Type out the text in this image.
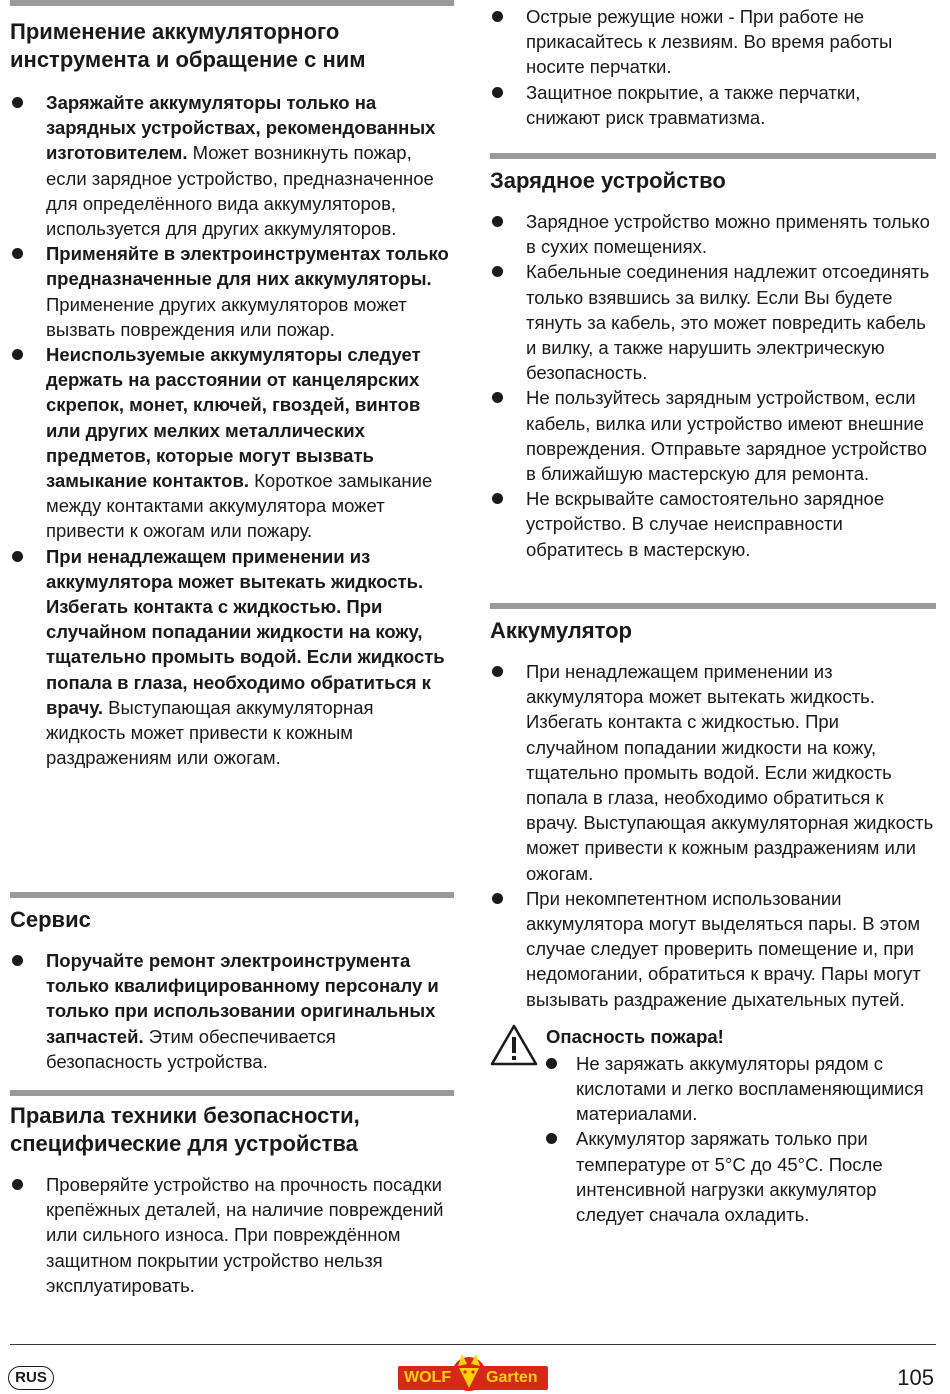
Применение аккумуляторного
инструмента и обращение с ним
Заряжайте аккумуляторы только на зарядных устройствах, рекомендованных изготовителем. Может возникнуть пожар, если зарядное устройство, предназначенное для определённого вида аккумуляторов, используется для других аккумуляторов.
Применяйте в электроинструментах только предназначенные для них аккумуляторы. Применение других аккумуляторов может вызвать повреждения или пожар.
Неиспользуемые аккумуляторы следует держать на расстоянии от канцелярских скрепок, монет, ключей, гвоздей, винтов или других мелких металлических предметов, которые могут вызвать замыкание контактов. Короткое замыкание между контактами аккумулятора может привести к ожогам или пожару.
При ненадлежащем применении из аккумулятора может вытекать жидкость. Избегать контакта с жидкостью. При случайном попадании жидкости на кожу, тщательно промыть водой. Если жидкость попала в глаза, необходимо обратиться к врачу. Выступающая аккумуляторная жидкость может привести к кожным раздражениям или ожогам.
Сервис
Поручайте ремонт электроинструмента только квалифицированному персоналу и только при использовании оригинальных запчастей. Этим обеспечивается безопасность устройства.
Правила техники безопасности,
специфические для устройства
Проверяйте устройство на прочность посадки крепёжных деталей, на наличие повреждений или сильного износа. При повреждённом защитном покрытии устройство нельзя эксплуатировать.
Острые режущие ножи - При работе не прикасайтесь к лезвиям. Во время работы носите перчатки.
Защитное покрытие, а также перчатки, снижают риск травматизма.
Зарядное устройство
Зарядное устройство можно применять только в сухих помещениях.
Кабельные соединения надлежит отсоединять только взявшись за вилку. Если Вы будете тянуть за кабель, это может повредить кабель и вилку, а также нарушить электрическую безопасность.
Не пользуйтесь зарядным устройством, если кабель, вилка или устройство имеют внешние повреждения. Отправьте зарядное устройство в ближайшую мастерскую для ремонта.
Не вскрывайте самостоятельно зарядное устройство. В случае неисправности обратитесь в мастерскую.
Аккумулятор
При ненадлежащем применении из аккумулятора может вытекать жидкость. Избегать контакта с жидкостью. При случайном попадании жидкости на кожу, тщательно промыть водой. Если жидкость попала в глаза, необходимо обратиться к врачу. Выступающая аккумуляторная жидкость может привести к кожным раздражениям или ожогам.
При некомпетентном использовании аккумулятора могут выделяться пары. В этом случае следует проверить помещение и, при недомогании, обратиться к врачу. Пары могут вызывать раздражение дыхательных путей.
Опасность пожара!
Не заряжать аккумуляторы рядом с кислотами и легко воспламеняющимися материалами.
Аккумулятор заряжать только при температуре от 5°C до 45°C. После интенсивной нагрузки аккумулятор следует сначала охладить.
RUS	WOLF Garten	105
